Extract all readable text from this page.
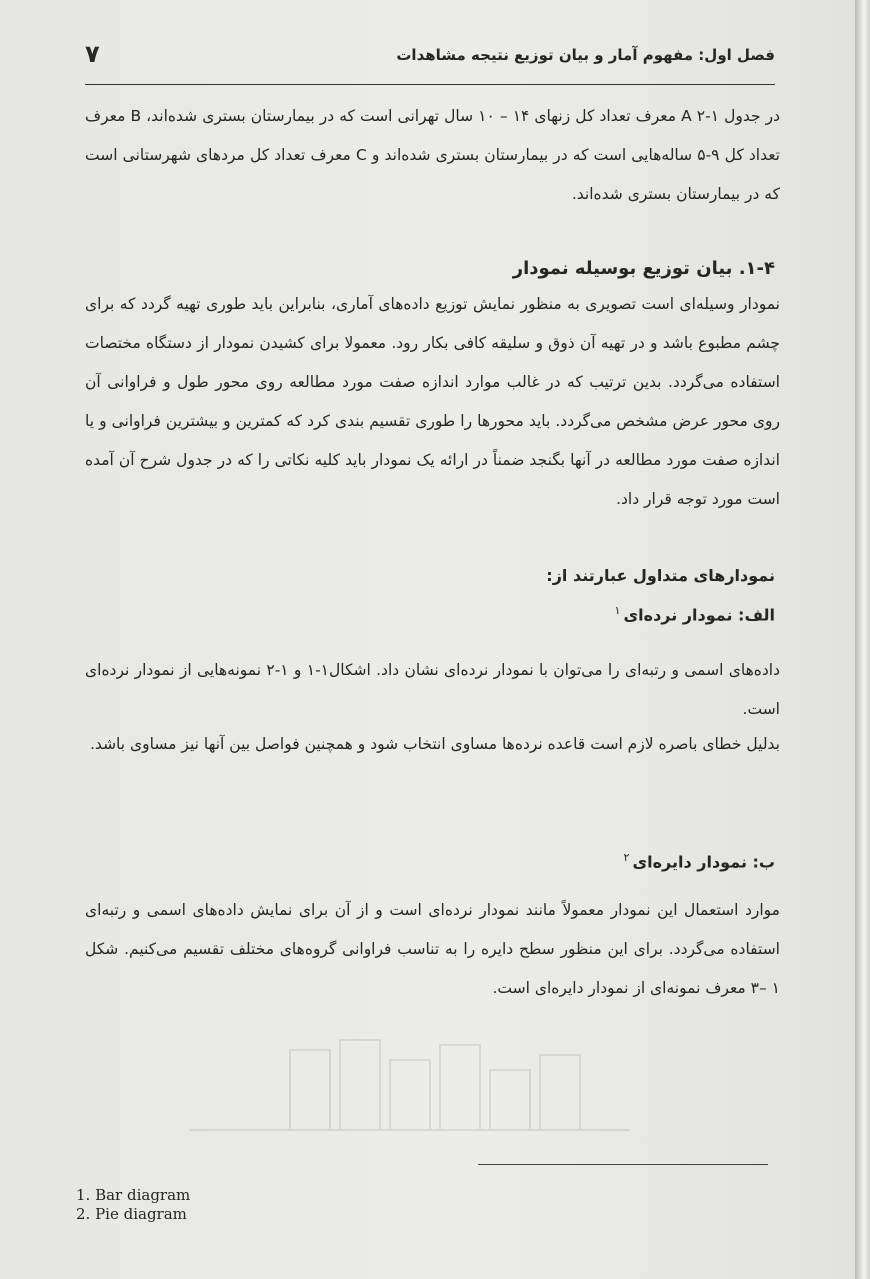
فصل اول: مفهوم آمار و بیان توزیع نتیجه مشاهدات
۷
در جدول ۱-۲ A معرف تعداد کل زنهای ۱۴ – ۱۰ سال تهرانی است که در بیمارستان بستری شده‌اند، B معرف تعداد کل ۹-۵ ساله‌هایی است که در بیمارستان بستری شده‌اند و C معرف تعداد کل مردهای شهرستانی است که در بیمارستان بستری شده‌اند.
۱-۴. بیان توزیع بوسیله نمودار
نمودار وسیله‌ای است تصویری به منظور نمایش توزیع داده‌های آماری، بنابراین باید طوری تهیه گردد که برای چشم مطبوع باشد و در تهیه آن ذوق و سلیقه کافی بکار رود. معمولا برای کشیدن نمودار از دستگاه مختصات استفاده می‌گردد. بدین ترتیب که در غالب موارد اندازه صفت مورد مطالعه روی محور طول و فراوانی آن روی محور عرض مشخص می‌گردد. باید محورها را طوری تقسیم بندی کرد که کمترین و بیشترین فراوانی و یا اندازه صفت مورد مطالعه در آنها بگنجد ضمناً در ارائه یک نمودار باید کلیه نکاتی را که در جدول شرح آن آمده است مورد توجه قرار داد.
نمودارهای متداول عبارتند از:
الف: نمودار نرده‌ای$^۱$
داده‌های اسمی و رتبه‌ای را می‌توان با نمودار نرده‌ای نشان داد. اشکال۱-۱ و ۱-۲ نمونه‌هایی از نمودار نرده‌ای است.
بدلیل خطای باصره لازم است قاعده نرده‌ها مساوی انتخاب شود و همچنین فواصل بین آنها نیز مساوی باشد.
ب: نمودار دایره‌ای$^۲$
موارد استعمال این نمودار معمولاً مانند نمودار نرده‌ای است و از آن برای نمایش داده‌های اسمی و رتبه‌ای استفاده می‌گردد. برای این منظور سطح دایره را به تناسب فراوانی گروه‌های مختلف تقسیم می‌کنیم. شکل ۱ –۳ معرف نمونه‌ای از نمودار دایره‌ای است.
1. Bar diagram
2. Pie diagram
